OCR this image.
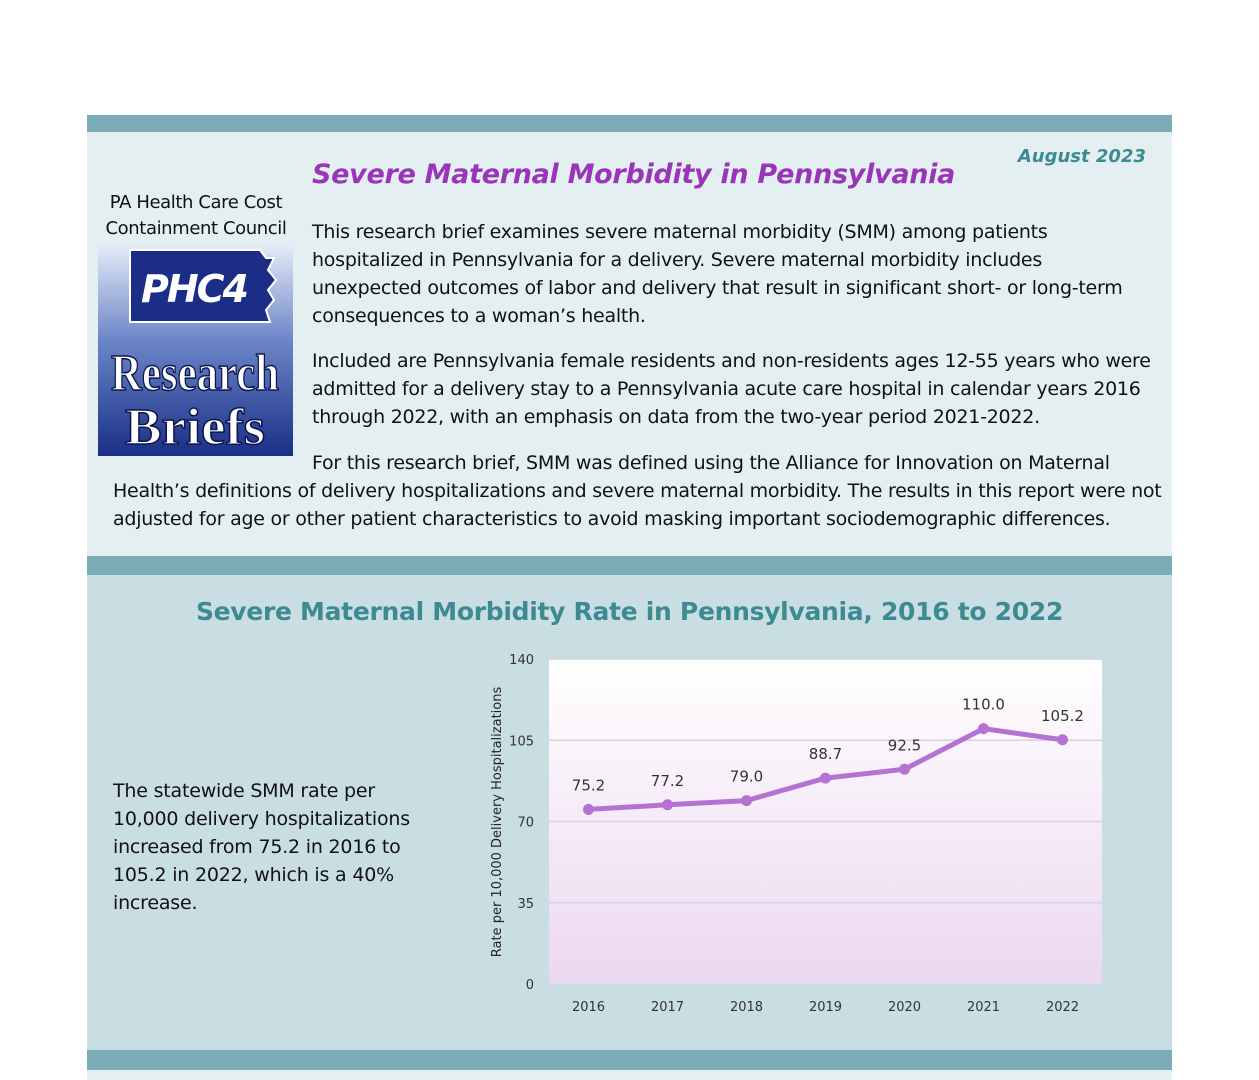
August 2023
Severe Maternal Morbidity in Pennsylvania
PA Health Care Cost Containment Council
PHC4
Research
Briefs

This research brief examines severe maternal morbidity (SMM) among patients hospitalized in Pennsylvania for a delivery. Severe maternal morbidity includes unexpected outcomes of labor and delivery that result in significant short- or long-term consequences to a woman’s health.

Included are Pennsylvania female residents and non-residents ages 12-55 years who were admitted for a delivery stay to a Pennsylvania acute care hospital in calendar years 2016 through 2022, with an emphasis on data from the two-year period 2021-2022.

For this research brief, SMM was defined using the Alliance for Innovation on Maternal Health’s definitions of delivery hospitalizations and severe maternal morbidity. The results in this report were not adjusted for age or other patient characteristics to avoid masking important sociodemographic differences.

Severe Maternal Morbidity Rate in Pennsylvania, 2016 to 2022

The statewide SMM rate per 10,000 delivery hospitalizations increased from 75.2 in 2016 to 105.2 in 2022, which is a 40% increase.

0
35
70
105
140
2016	2017	2018	2019	2020	2021	2022
75.2	77.2	79.0
88.7	92.5
110.0
105.2
Rate per 10,000 Delivery Hospitalizations
